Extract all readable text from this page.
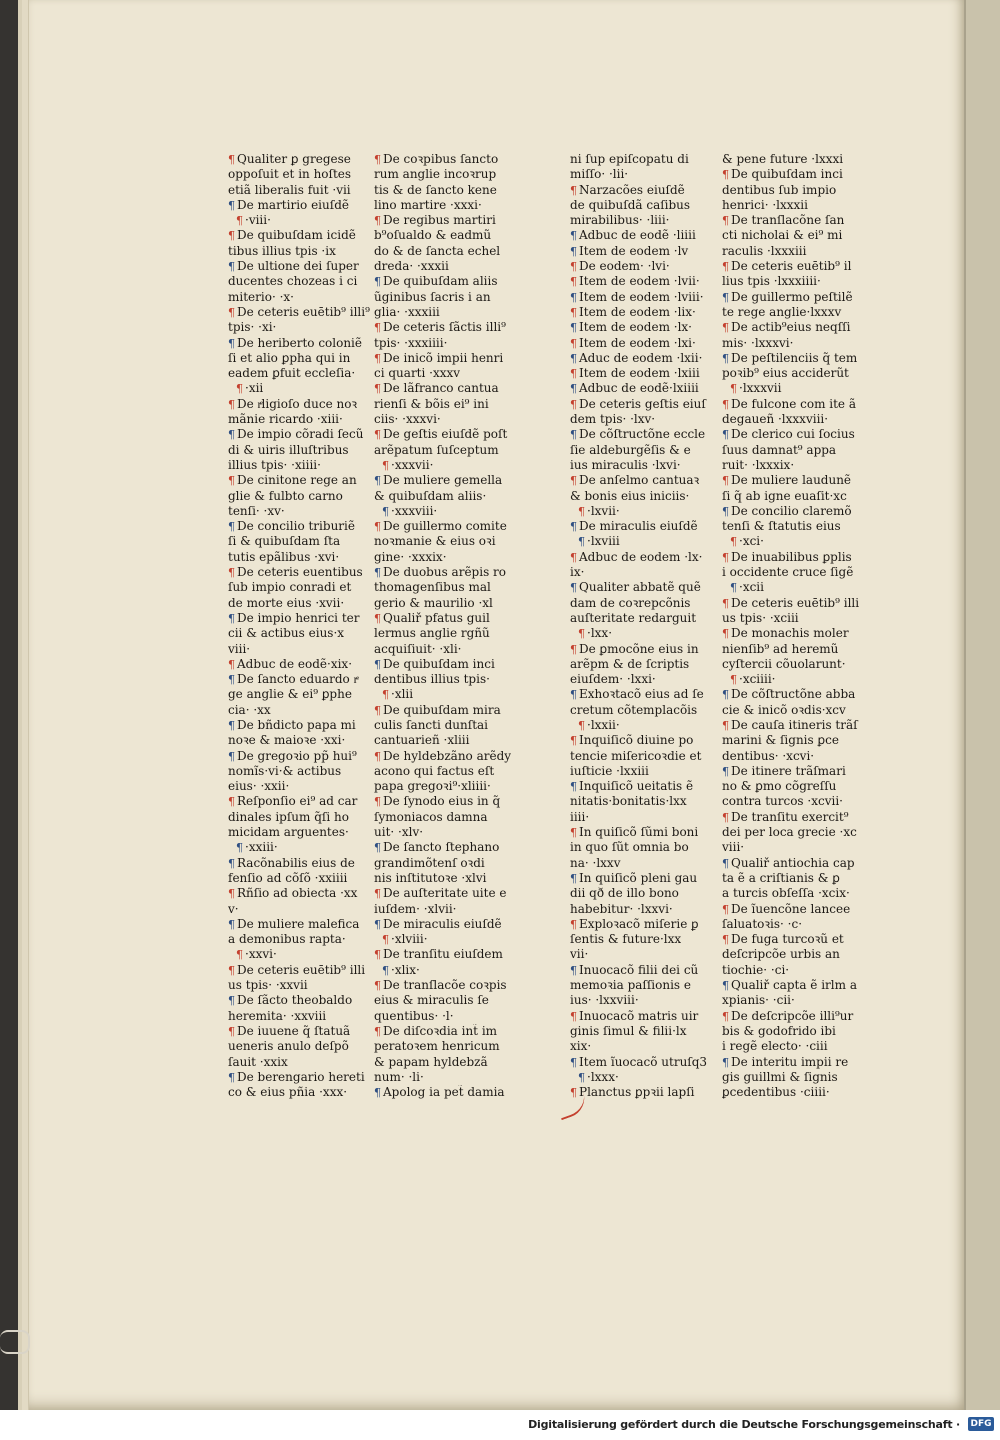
¶ Qualiter ꝑ gregese
oppoſuit et in hoſtes
etiã liberalis fuit ·vii
¶ De martirio eiuſdẽ
¶ ·viii·
¶ De quibuſdam icidẽ
tibus illius tpis ·ix
¶ De ultione dei ſuper
ducentes chozeas i ci
miterio· ·x·
¶ De ceteris euētib⁹ illi⁹
tpis· ·xi·
¶ De heriberto coloniẽ
ſi et alio ꝑpha qui in
eadem ꝑfuit eccleſia·
¶ ·xii
¶ De rͤligioſo duce noꝛ
mãnie ricardo ·xiii·
¶ De impio cõradi ſecũ
di & uiris illuſtribus
illius tpis· ·xiiii·
¶ De cinitone rege an
glie & fulbto carno
tenſi· ·xv·
¶ De concilio triburiẽ
ſi & quibuſdam ſta
tutis epãlibus ·xvi·
¶ De ceteris euentibus
ſub impio conradi et
de morte eius ·xvii·
¶ De impio henrici ter
cii & actibus eius·x
viii·
¶ Adbuc de eodẽ·xix·
¶ De ſancto eduardo rͤ
ge anglie & ei⁹ ꝑphe
cia· ·xx
¶ De bñdicto papa mi
noꝛe & maioꝛe ·xxi·
¶ De gregoꝛio pp̃ hui⁹
nomĩs·vi·& actibus
eius· ·xxii·
¶ Reſponſio ei⁹ ad car
dinales ipſum q̃ſi ho
micidam arguentes·
¶ ·xxiii·
¶ Racõnabilis eius de
fenſio ad cõſõ ·xxiiii
¶ Rñſio ad obiecta ·xx
v·
¶ De muliere malefica
a demonibus rapta·
¶ ·xxvi·
¶ De ceteris euētib⁹ illi
us tpis· ·xxvii
¶ De ſãcto theobaldo
heremita· ·xxviii
¶ De iuuene q̃ ſtatuã
ueneris anulo deſpõ
ſauit ·xxix
¶ De berengario hereti
co & eius pñia ·xxx·
¶ De coꝛpibus ſancto
rum anglie incoꝛrup
tis & de ſancto kene
lino martire ·xxxi·
¶ De regibus martiri
b⁹oſualdo & eadmũ
do & de ſancta echel
dreda· ·xxxii
¶ De quibuſdam aliis
ũginibus ſacris i an
glia· ·xxxiii
¶ De ceteris ſãctis illi⁹
tpis· ·xxxiiii·
¶ De inicõ impii henri
ci quarti ·xxxv
¶ De lãfranco cantua
rienſi & bõis ei⁹ ini
ciis· ·xxxvi·
¶ De geſtis eiuſdẽ poſt
arẽpatum ſuſceptum
¶ ·xxxvii·
¶ De muliere gemella
& quibuſdam aliis·
¶ ·xxxviii·
¶ De guillermo comite
noꝛmanie & eius oꝛi
gine· ·xxxix·
¶ De duobus arẽpis ro
thomagenſibus mal
gerio & maurilio ·xl
¶ Qualiř pfatus guil
lermus anglie rgñũ
acquiſiuit· ·xli·
¶ De quibuſdam inci
dentibus illius tpis·
¶ ·xlii
¶ De quibuſdam mira
culis ſancti dunſtai
cantuarieñ ·xliii
¶ De hyldebzãno arẽdy
acono qui factus eſt
papa gregoꝛi⁹·xliiii·
¶ De ſynodo eius in q̃
ſymoniacos damna
uit· ·xlv·
¶ De ſancto ſtephano
grandimõtenſ oꝛdi
nis inſtitutoꝛe ·xlvi
¶ De auſteritate uite e
iuſdem· ·xlvii·
¶ De miraculis eiuſdẽ
¶ ·xlviii·
¶ De tranſitu eiuſdem
¶ ·xlix·
¶ De tranſlacõe coꝛpis
eius & miraculis ſe
quentibus· ·l·
¶ De diſcoꝛdia int̃ im
peratoꝛem henricum
& papam hyldebzã
num· ·li·
¶ Apolog ia pet̃ damia
ni ſup epiſcopatu di
miſſo· ·lii·
¶ Narzacões eiuſdẽ
de quibuſdã caſibus
mirabilibus· ·liii·
¶ Adbuc de eodẽ ·liiii
¶ Item de eodem ·lv
¶ De eodem· ·lvi·
¶ Item de eodem ·lvii·
¶ Item de eodem ·lviii·
¶ Item de eodem ·lix·
¶ Item de eodem ·lx·
¶ Item de eodem ·lxi·
¶ Aduc de eodem ·lxii·
¶ Item de eodem ·lxiii
¶ Adbuc de eodẽ·lxiiii
¶ De ceteris geſtis eiuſ
dem tpis· ·lxv·
¶ De cõſtructõne eccle
ſie aldeburgẽſis & e
ius miraculis ·lxvi·
¶ De anſelmo cantuaꝛ
& bonis eius iniciis·
¶ ·lxvii·
¶ De miraculis eiuſdẽ
¶ ·lxviii
¶ Adbuc de eodem ·lx·
ix·
¶ Qualiter abbatẽ quẽ
dam de coꝛrepcõnis
auſteritate redarguit
¶ ·lxx·
¶ De ꝑmocõne eius in
arẽpm & de ſcriptis
eiuſdem· ·lxxi·
¶ Exhoꝛtacõ eius ad ſe
cretum cõtemplacõis
¶ ·lxxii·
¶ Inquiſicõ diuine po
tencie miſericoꝛdie et
iuſticie ·lxxiii
¶ Inquiſicõ ueitatis ẽ
nitatis·bonitatis·lxx
iiii·
¶ In quiſicõ ſũmi boni
in quo ſũt omnia bo
na· ·lxxv
¶ In quiſicõ pleni gau
dii qð de illo bono
habebitur· ·lxxvi·
¶ Exploꝛacõ miſerie ꝑ
ſentis & future·lxx
vii·
¶ Inuocacõ filii dei cũ
memoꝛia paſſionis e
ius· ·lxxviii·
¶ Inuocacõ matris uir
ginis ſimul & filii·lx
xix·
¶ Item ĩuocacõ utruſq3
¶ ·lxxx·
¶ Planctus ꝑpꝛii lapſi
& pene future ·lxxxi
¶ De quibuſdam inci
dentibus ſub impio
henrici· ·lxxxii
¶ De tranſlacõne ſan
cti nicholai & ei⁹ mi
raculis ·lxxxiii
¶ De ceteris euētib⁹ il
lius tpis ·lxxxiiii·
¶ De guillermo peſtilẽ
te rege anglie·lxxxv
¶ De actib⁹eius neqſſi
mis· ·lxxxvi·
¶ De peſtilenciis q̃ tem
poꝛib⁹ eius acciderũt
¶ ·lxxxvii
¶ De fulcone com ite ã
degaueñ ·lxxxviii·
¶ De clerico cui ſocius
ſuus damnat⁹ appa
ruit· ·lxxxix·
¶ De muliere laudunẽ
ſi q̃ ab igne euaſit·xc
¶ De concilio claremõ
tenſi & ſtatutis eius
¶ ·xci·
¶ De inuabilibus ꝑplis
i occidente cruce ſigẽ
¶ ·xcii
¶ De ceteris euētib⁹ illi
us tpis· ·xciii
¶ De monachis moler
nienſib⁹ ad heremũ
cyſtercii cõuolarunt·
¶ ·xciiii·
¶ De cõſtructõne abba
cie & inicõ oꝛdis·xcv
¶ De cauſa itineris trãſ
marini & ſignis ꝑce
dentibus· ·xcvi·
¶ De itinere trãſmari
no & ꝑmo cõgreſſu
contra turcos ·xcvii·
¶ De tranſitu exercit⁹
dei per loca grecie ·xc
viii·
¶ Qualiř antiochia cap
ta ẽ a criſtianis & ꝑ
a turcis obſeſſa ·xcix·
¶ De ĩuencõne lancee
ſaluatoꝛis· ·c·
¶ De fuga turcoꝛũ et
deſcripcõe urbis an
tiochie· ·ci·
¶ Qualiř capta ẽ irlm a
xpianis· ·cii·
¶ De deſcripcõe illi⁹ur
bis & godofrido ibi
i regẽ electo· ·ciii
¶ De interitu impii re
gis guillmi & ſignis
ꝑcedentibus ·ciiii·
Digitalisierung gefördert durch die Deutsche Forschungsgemeinschaft · DFG
